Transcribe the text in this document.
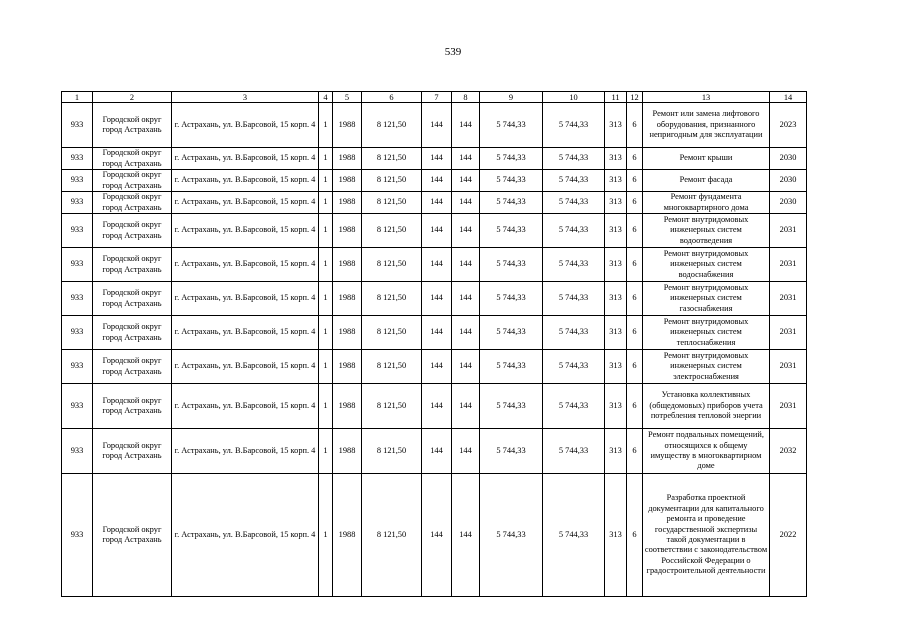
539
1	2	3	4	5	6	7	8	9	10	11	12	13	14
933	Городской округ город Астрахань	г. Астрахань, ул. В.Барсовой, 15 корп. 4	1	1988	8 121,50	144	144	5 744,33	5 744,33	313	6	Ремонт или замена лифтового оборудования, признанного непригодным для эксплуатации	2023
933	Городской округ город Астрахань	г. Астрахань, ул. В.Барсовой, 15 корп. 4	1	1988	8 121,50	144	144	5 744,33	5 744,33	313	6	Ремонт крыши	2030
933	Городской округ город Астрахань	г. Астрахань, ул. В.Барсовой, 15 корп. 4	1	1988	8 121,50	144	144	5 744,33	5 744,33	313	6	Ремонт фасада	2030
933	Городской округ город Астрахань	г. Астрахань, ул. В.Барсовой, 15 корп. 4	1	1988	8 121,50	144	144	5 744,33	5 744,33	313	6	Ремонт фундамента многоквартирного дома	2030
933	Городской округ город Астрахань	г. Астрахань, ул. В.Барсовой, 15 корп. 4	1	1988	8 121,50	144	144	5 744,33	5 744,33	313	6	Ремонт внутридомовых инженерных систем водоотведения	2031
933	Городской округ город Астрахань	г. Астрахань, ул. В.Барсовой, 15 корп. 4	1	1988	8 121,50	144	144	5 744,33	5 744,33	313	6	Ремонт внутридомовых инженерных систем водоснабжения	2031
933	Городской округ город Астрахань	г. Астрахань, ул. В.Барсовой, 15 корп. 4	1	1988	8 121,50	144	144	5 744,33	5 744,33	313	6	Ремонт внутридомовых инженерных систем газоснабжения	2031
933	Городской округ город Астрахань	г. Астрахань, ул. В.Барсовой, 15 корп. 4	1	1988	8 121,50	144	144	5 744,33	5 744,33	313	6	Ремонт внутридомовых инженерных систем теплоснабжения	2031
933	Городской округ город Астрахань	г. Астрахань, ул. В.Барсовой, 15 корп. 4	1	1988	8 121,50	144	144	5 744,33	5 744,33	313	6	Ремонт внутридомовых инженерных систем электроснабжения	2031
933	Городской округ город Астрахань	г. Астрахань, ул. В.Барсовой, 15 корп. 4	1	1988	8 121,50	144	144	5 744,33	5 744,33	313	6	Установка коллективных (общедомовых) приборов учета потребления тепловой энергии	2031
933	Городской округ город Астрахань	г. Астрахань, ул. В.Барсовой, 15 корп. 4	1	1988	8 121,50	144	144	5 744,33	5 744,33	313	6	Ремонт подвальных помещений, относящихся к общему имуществу в многоквартирном доме	2032
933	Городской округ город Астрахань	г. Астрахань, ул. В.Барсовой, 15 корп. 4	1	1988	8 121,50	144	144	5 744,33	5 744,33	313	6	Разработка проектной документации для капитального ремонта и проведение государственной экспертизы такой документации в соответствии с законодательством Российской Федерации о градостроительной деятельности	2022
